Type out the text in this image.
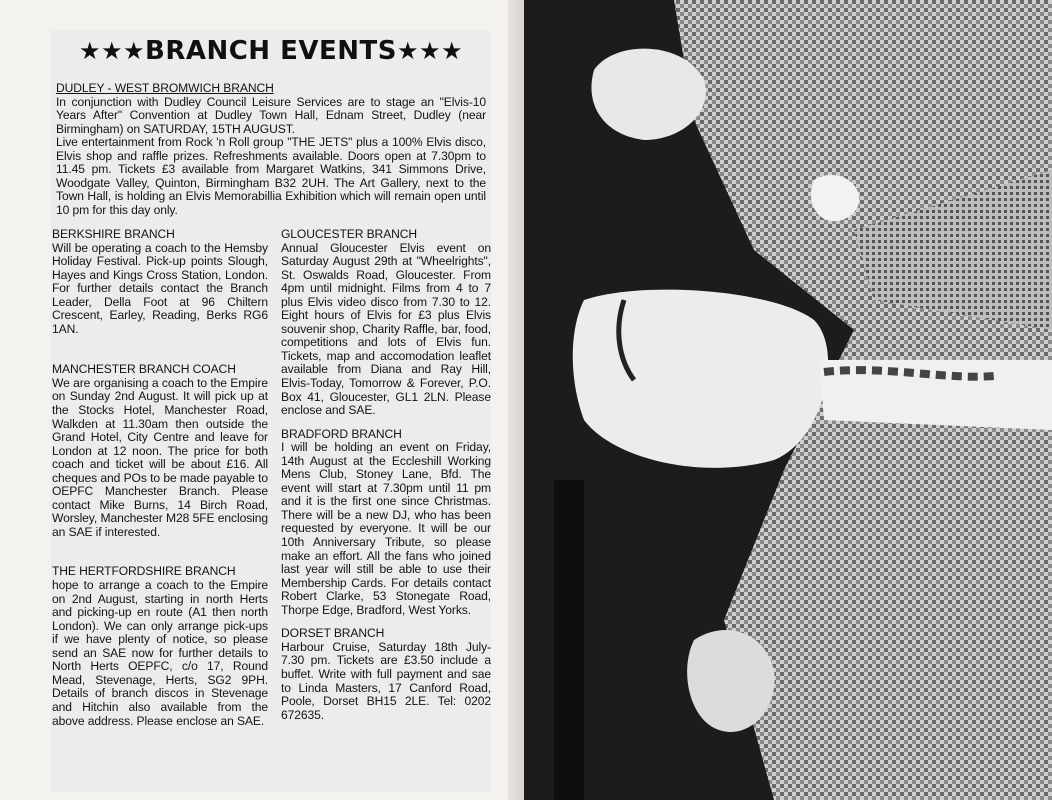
★ ★ ★ BRANCH EVENTS ★ ★ ★
DUDLEY - WEST BROMWICH BRANCH

In conjunction with Dudley Council Leisure Services are to stage an "Elvis-10 Years After" Convention at Dudley Town Hall, Ednam Street, Dudley (near Birmingham) on SATURDAY, 15TH AUGUST.

Live entertainment from Rock 'n Roll group "THE JETS" plus a 100% Elvis disco, Elvis shop and raffle prizes. Refreshments available. Doors open at 7.30pm to 11.45 pm. Tickets £3 available from Margaret Watkins, 341 Simmons Drive, Woodgate Valley, Quinton, Birmingham B32 2UH. The Art Gallery, next to the Town Hall, is holding an Elvis Memorabillia Exhibition which will remain open until 10 pm for this day only.

BERKSHIRE BRANCH

Will be operating a coach to the Hemsby Holiday Festival. Pick-up points Slough, Hayes and Kings Cross Station, London. For further details contact the Branch Leader, Della Foot at 96 Chiltern Crescent, Earley, Reading, Berks RG6 1AN.

MANCHESTER BRANCH COACH

We are organising a coach to the Empire on Sunday 2nd August. It will pick up at the Stocks Hotel, Manchester Road, Walkden at 11.30am then outside the Grand Hotel, City Centre and leave for London at 12 noon. The price for both coach and ticket will be about £16. All cheques and POs to be made payable to OEPFC Manchester Branch. Please contact Mike Burns, 14 Birch Road, Worsley, Manchester M28 5FE enclosing an SAE if interested.

THE HERTFORDSHIRE BRANCH

hope to arrange a coach to the Empire on 2nd August, starting in north Herts and picking-up en route (A1 then north London). We can only arrange pick-ups if we have plenty of notice, so please send an SAE now for further details to North Herts OEPFC, c/o 17, Round Mead, Stevenage, Herts, SG2 9PH. Details of branch discos in Stevenage and Hitchin also available from the above address. Please enclose an SAE.

GLOUCESTER BRANCH

Annual Gloucester Elvis event on Saturday August 29th at "Wheelrights", St. Oswalds Road, Gloucester. From 4pm until midnight. Films from 4 to 7 plus Elvis video disco from 7.30 to 12. Eight hours of Elvis for £3 plus Elvis souvenir shop, Charity Raffle, bar, food, competitions and lots of Elvis fun. Tickets, map and accomodation leaflet available from Diana and Ray Hill, Elvis-Today, Tomorrow & Forever, P.O. Box 41, Gloucester, GL1 2LN. Please enclose and SAE.

BRADFORD BRANCH

I will be holding an event on Friday, 14th August at the Eccleshill Working Mens Club, Stoney Lane, Bfd. The event will start at 7.30pm until 11 pm and it is the first one since Christmas. There will be a new DJ, who has been requested by everyone. It will be our 10th Anniversary Tribute, so please make an effort. All the fans who joined last year will still be able to use their Membership Cards. For details contact Robert Clarke, 53 Stonegate Road, Thorpe Edge, Bradford, West Yorks.

DORSET BRANCH

Harbour Cruise, Saturday 18th July-7.30 pm. Tickets are £3.50 include a buffet. Write with full payment and sae to Linda Masters, 17 Canford Road, Poole, Dorset BH15 2LE. Tel: 0202 672635.
